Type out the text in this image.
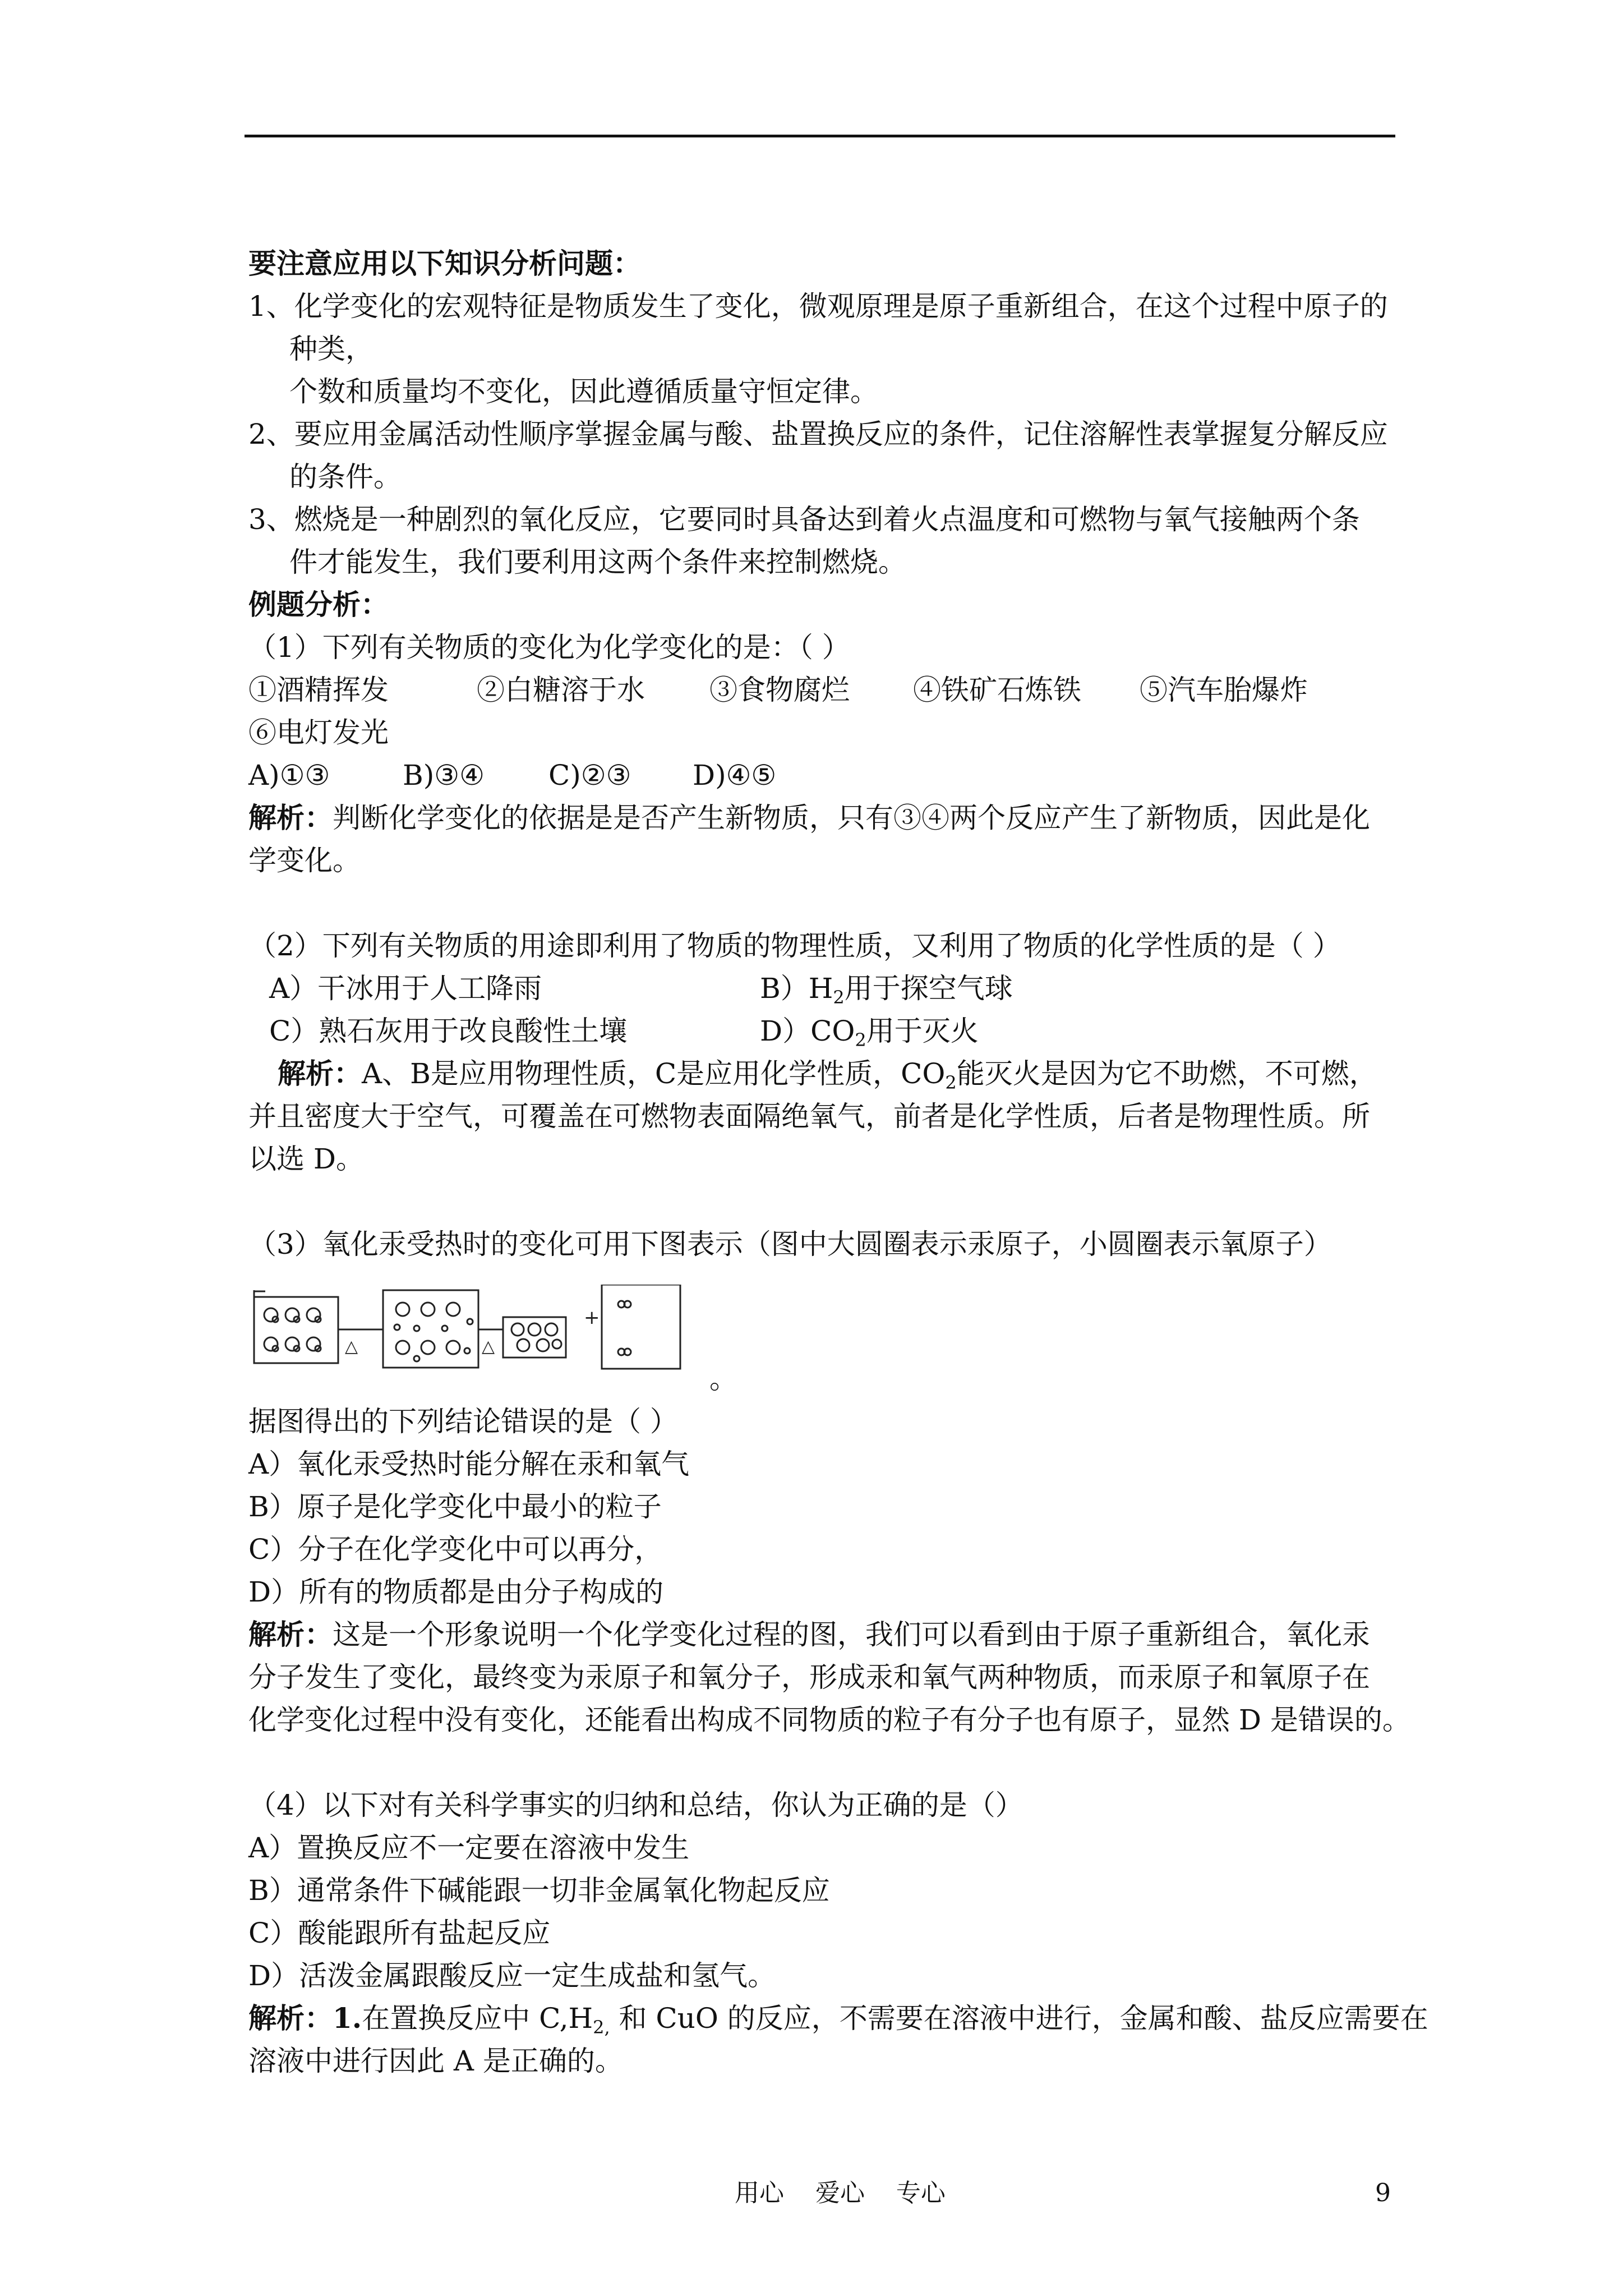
要注意应用以下知识分析问题：
1、化学变化的宏观特征是物质发生了变化，微观原理是原子重新组合，在这个过程中原子的
种类，
个数和质量均不变化，因此遵循质量守恒定律。
2、要应用金属活动性顺序掌握金属与酸、盐置换反应的条件，记住溶解性表掌握复分解反应
的条件。
3、燃烧是一种剧烈的氧化反应，它要同时具备达到着火点温度和可燃物与氧气接触两个条
件才能发生，我们要利用这两个条件来控制燃烧。
例题分析：
（1）下列有关物质的变化为化学变化的是：（ ）
①酒精挥发	②白糖溶于水 ③食物腐烂 ④铁矿石炼铁 ⑤汽车胎爆炸
⑥电灯发光
A)①③	B)③④ C)②③ D)④⑤
解析：判断化学变化的依据是是否产生新物质，只有③④两个反应产生了新物质，因此是化
学变化。
（2）下列有关物质的用途即利用了物质的物理性质，又利用了物质的化学性质的是（ ）
A）干冰用于人工降雨	$B)H_2$用于探空气球
C）熟石灰用于改良酸性土壤	$D)CO_2$用于灭火
解析：A、B是应用物理性质，C是应用化学性质，$CO_2$能灭火是因为它不助燃，不可燃，
并且密度大于空气，可覆盖在可燃物表面隔绝氧气，前者是化学性质，后者是物理性质。所
以选 D。
（3）氧化汞受热时的变化可用下图表示（图中大圆圈表示汞原子，小圆圈表示氧原子）
△	△
+
。
据图得出的下列结论错误的是（ ）
A）氧化汞受热时能分解在汞和氧气
B）原子是化学变化中最小的粒子
C）分子在化学变化中可以再分，
D）所有的物质都是由分子构成的
解析：这是一个形象说明一个化学变化过程的图，我们可以看到由于原子重新组合，氧化汞
分子发生了变化，最终变为汞原子和氧分子，形成汞和氧气两种物质，而汞原子和氧原子在
化学变化过程中没有变化，还能看出构成不同物质的粒子有分子也有原子，显然 D 是错误的。
（4）以下对有关科学事实的归纳和总结，你认为正确的是（）
A）置换反应不一定要在溶液中发生
B）通常条件下碱能跟一切非金属氧化物起反应
C）酸能跟所有盐起反应
D）活泼金属跟酸反应一定生成盐和氢气。
解析：1.在置换反应中 $C,H_{2,}$ 和 CuO 的反应，不需要在溶液中进行，金属和酸、盐反应需要在
溶液中进行因此 A 是正确的。
用心    爱心    专心	9
